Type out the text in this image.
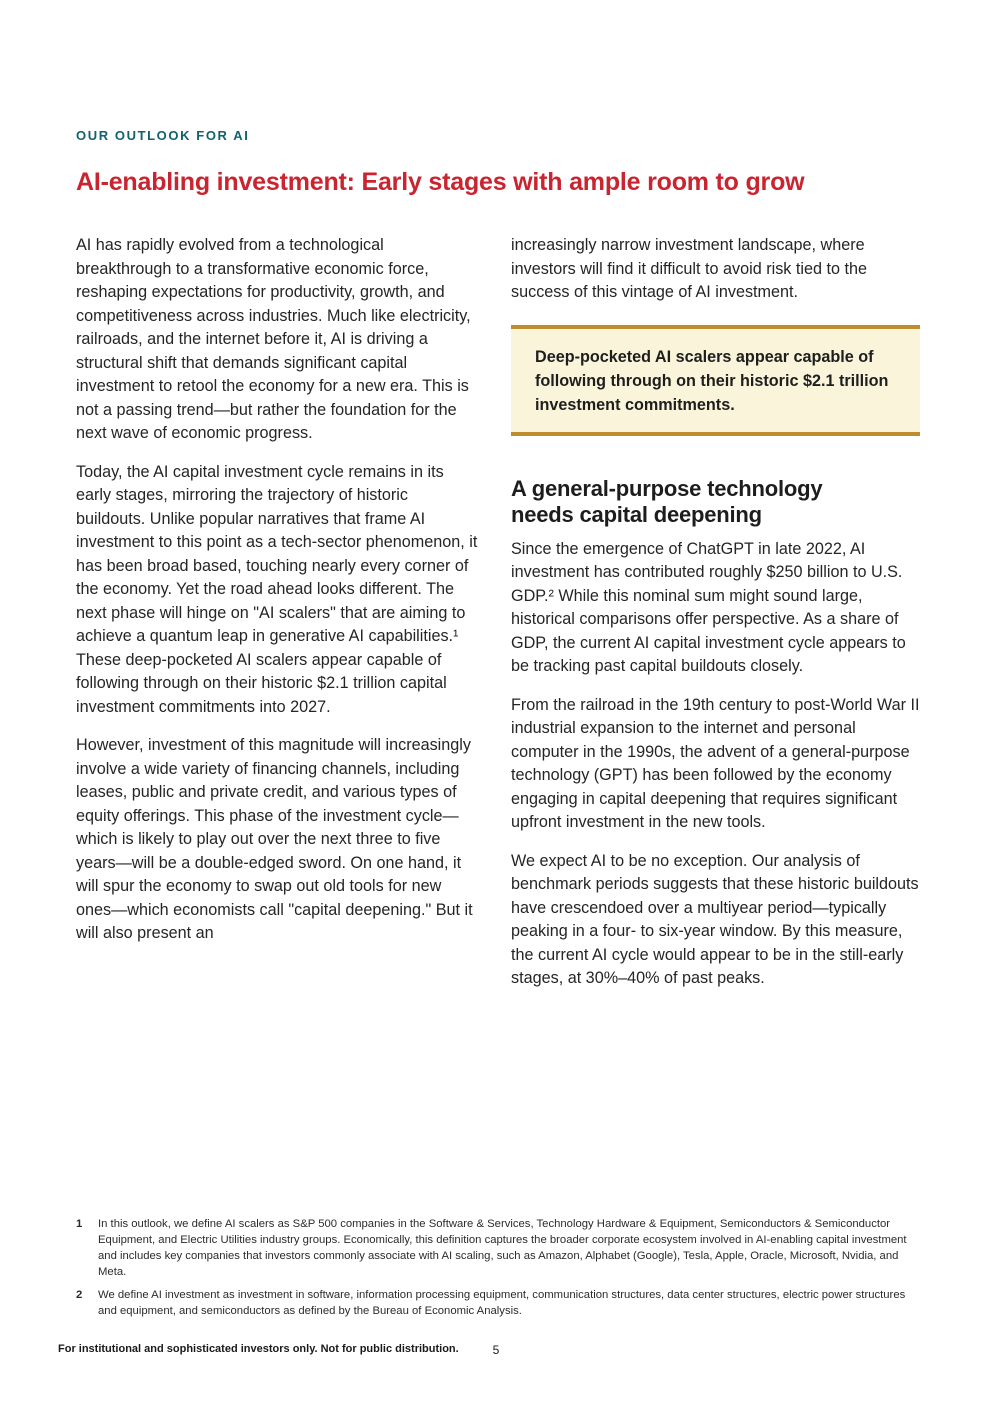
OUR OUTLOOK FOR AI
AI-enabling investment: Early stages with ample room to grow

AI has rapidly evolved from a technological breakthrough to a transformative economic force, reshaping expectations for productivity, growth, and competitiveness across industries. Much like electricity, railroads, and the internet before it, AI is driving a structural shift that demands significant capital investment to retool the economy for a new era. This is not a passing trend—but rather the foundation for the next wave of economic progress.

Today, the AI capital investment cycle remains in its early stages, mirroring the trajectory of historic buildouts. Unlike popular narratives that frame AI investment to this point as a tech-sector phenomenon, it has been broad based, touching nearly every corner of the economy. Yet the road ahead looks different. The next phase will hinge on "AI scalers" that are aiming to achieve a quantum leap in generative AI capabilities.¹ These deep-pocketed AI scalers appear capable of following through on their historic $2.1 trillion capital investment commitments into 2027.

However, investment of this magnitude will increasingly involve a wide variety of financing channels, including leases, public and private credit, and various types of equity offerings. This phase of the investment cycle—which is likely to play out over the next three to five years—will be a double-edged sword. On one hand, it will spur the economy to swap out old tools for new ones—which economists call "capital deepening." But it will also present an

increasingly narrow investment landscape, where investors will find it difficult to avoid risk tied to the success of this vintage of AI investment.

Deep-pocketed AI scalers appear capable of following through on their historic $2.1 trillion investment commitments.
A general-purpose technology needs capital deepening

Since the emergence of ChatGPT in late 2022, AI investment has contributed roughly $250 billion to U.S. GDP.² While this nominal sum might sound large, historical comparisons offer perspective. As a share of GDP, the current AI capital investment cycle appears to be tracking past capital buildouts closely.

From the railroad in the 19th century to post-World War II industrial expansion to the internet and personal computer in the 1990s, the advent of a general-purpose technology (GPT) has been followed by the economy engaging in capital deepening that requires significant upfront investment in the new tools.

We expect AI to be no exception. Our analysis of benchmark periods suggests that these historic buildouts have crescendoed over a multiyear period—typically peaking in a four- to six-year window. By this measure, the current AI cycle would appear to be in the still-early stages, at 30%–40% of past peaks.

1	In this outlook, we define AI scalers as S&P 500 companies in the Software & Services, Technology Hardware & Equipment, Semiconductors & Semiconductor Equipment, and Electric Utilities industry groups. Economically, this definition captures the broader corporate ecosystem involved in AI-enabling capital investment and includes key companies that investors commonly associate with AI scaling, such as Amazon, Alphabet (Google), Tesla, Apple, Oracle, Microsoft, Nvidia, and Meta.
2	We define AI investment as investment in software, information processing equipment, communication structures, data center structures, electric power structures and equipment, and semiconductors as defined by the Bureau of Economic Analysis.
For institutional and sophisticated investors only. Not for public distribution.	5
